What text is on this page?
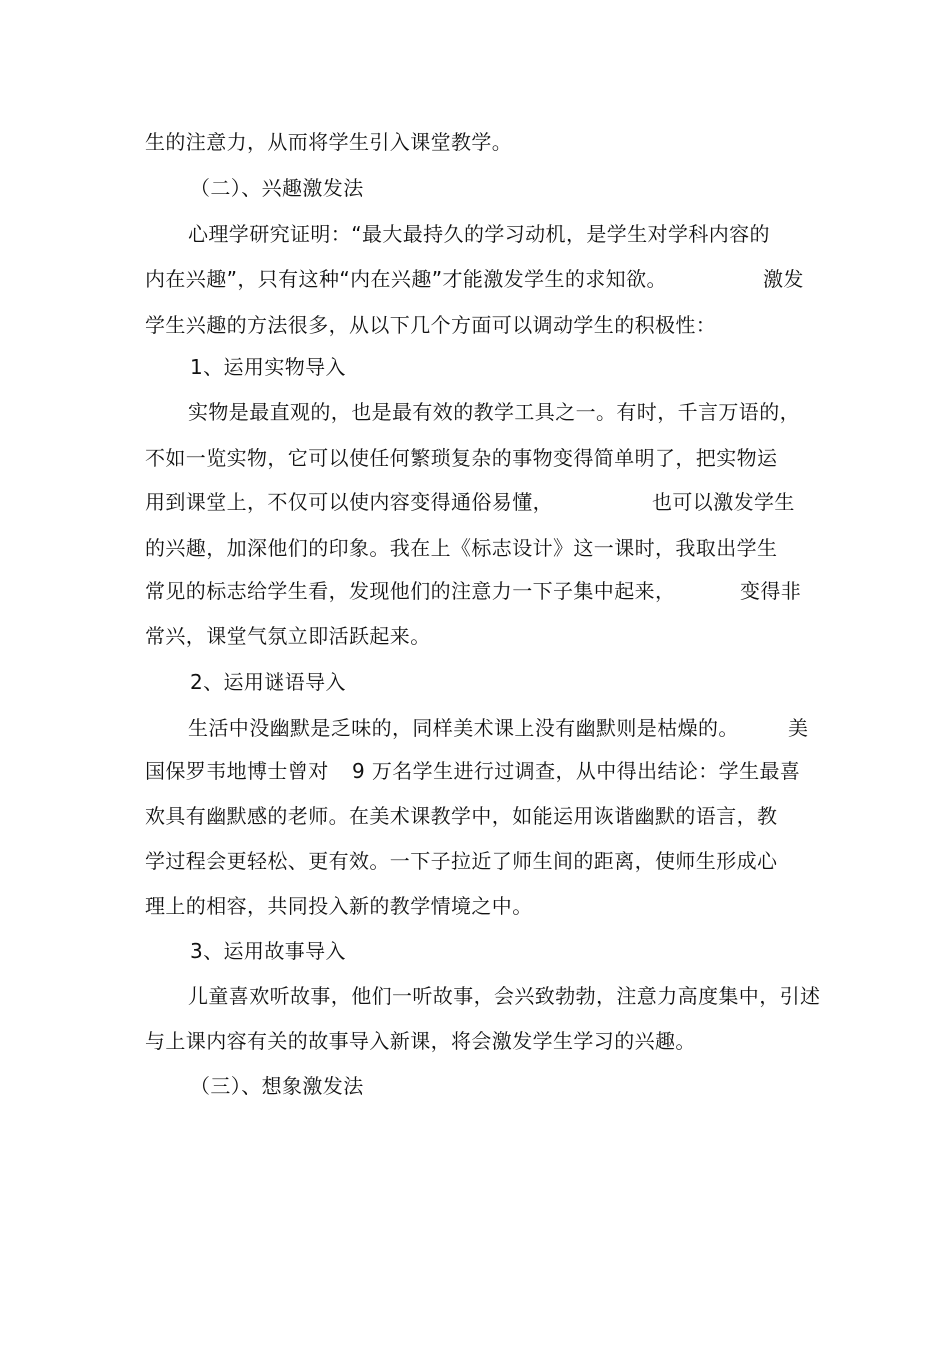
生的注意力，从而将学生引入课堂教学。
（二）、兴趣激发法
心理学研究证明：“最大最持久的学习动机，是学生对学科内容的
内在兴趣”，只有这种“内在兴趣”才能激发学生的求知欲。	激发
学生兴趣的方法很多，从以下几个方面可以调动学生的积极性：
1、运用实物导入
实物是最直观的，也是最有效的教学工具之一。有时，千言万语的，
不如一览实物，它可以使任何繁琐复杂的事物变得简单明了，把实物运
用到课堂上，不仅可以使内容变得通俗易懂，	也可以激发学生
的兴趣，加深他们的印象。我在上《标志设计》这一课时，我取出学生
常见的标志给学生看，发现他们的注意力一下子集中起来，	变得非
常兴，课堂气氛立即活跃起来。
2、运用谜语导入
生活中没幽默是乏味的，同样美术课上没有幽默则是枯燥的。 美
国保罗韦地博士曾对 9 万名学生进行过调查，从中得出结论：学生最喜
欢具有幽默感的老师。在美术课教学中，如能运用诙谐幽默的语言，教
学过程会更轻松、更有效。一下子拉近了师生间的距离，使师生形成心
理上的相容，共同投入新的教学情境之中。
3、运用故事导入
儿童喜欢听故事，他们一听故事，会兴致勃勃，注意力高度集中，引述
与上课内容有关的故事导入新课，将会激发学生学习的兴趣。
（三）、想象激发法
